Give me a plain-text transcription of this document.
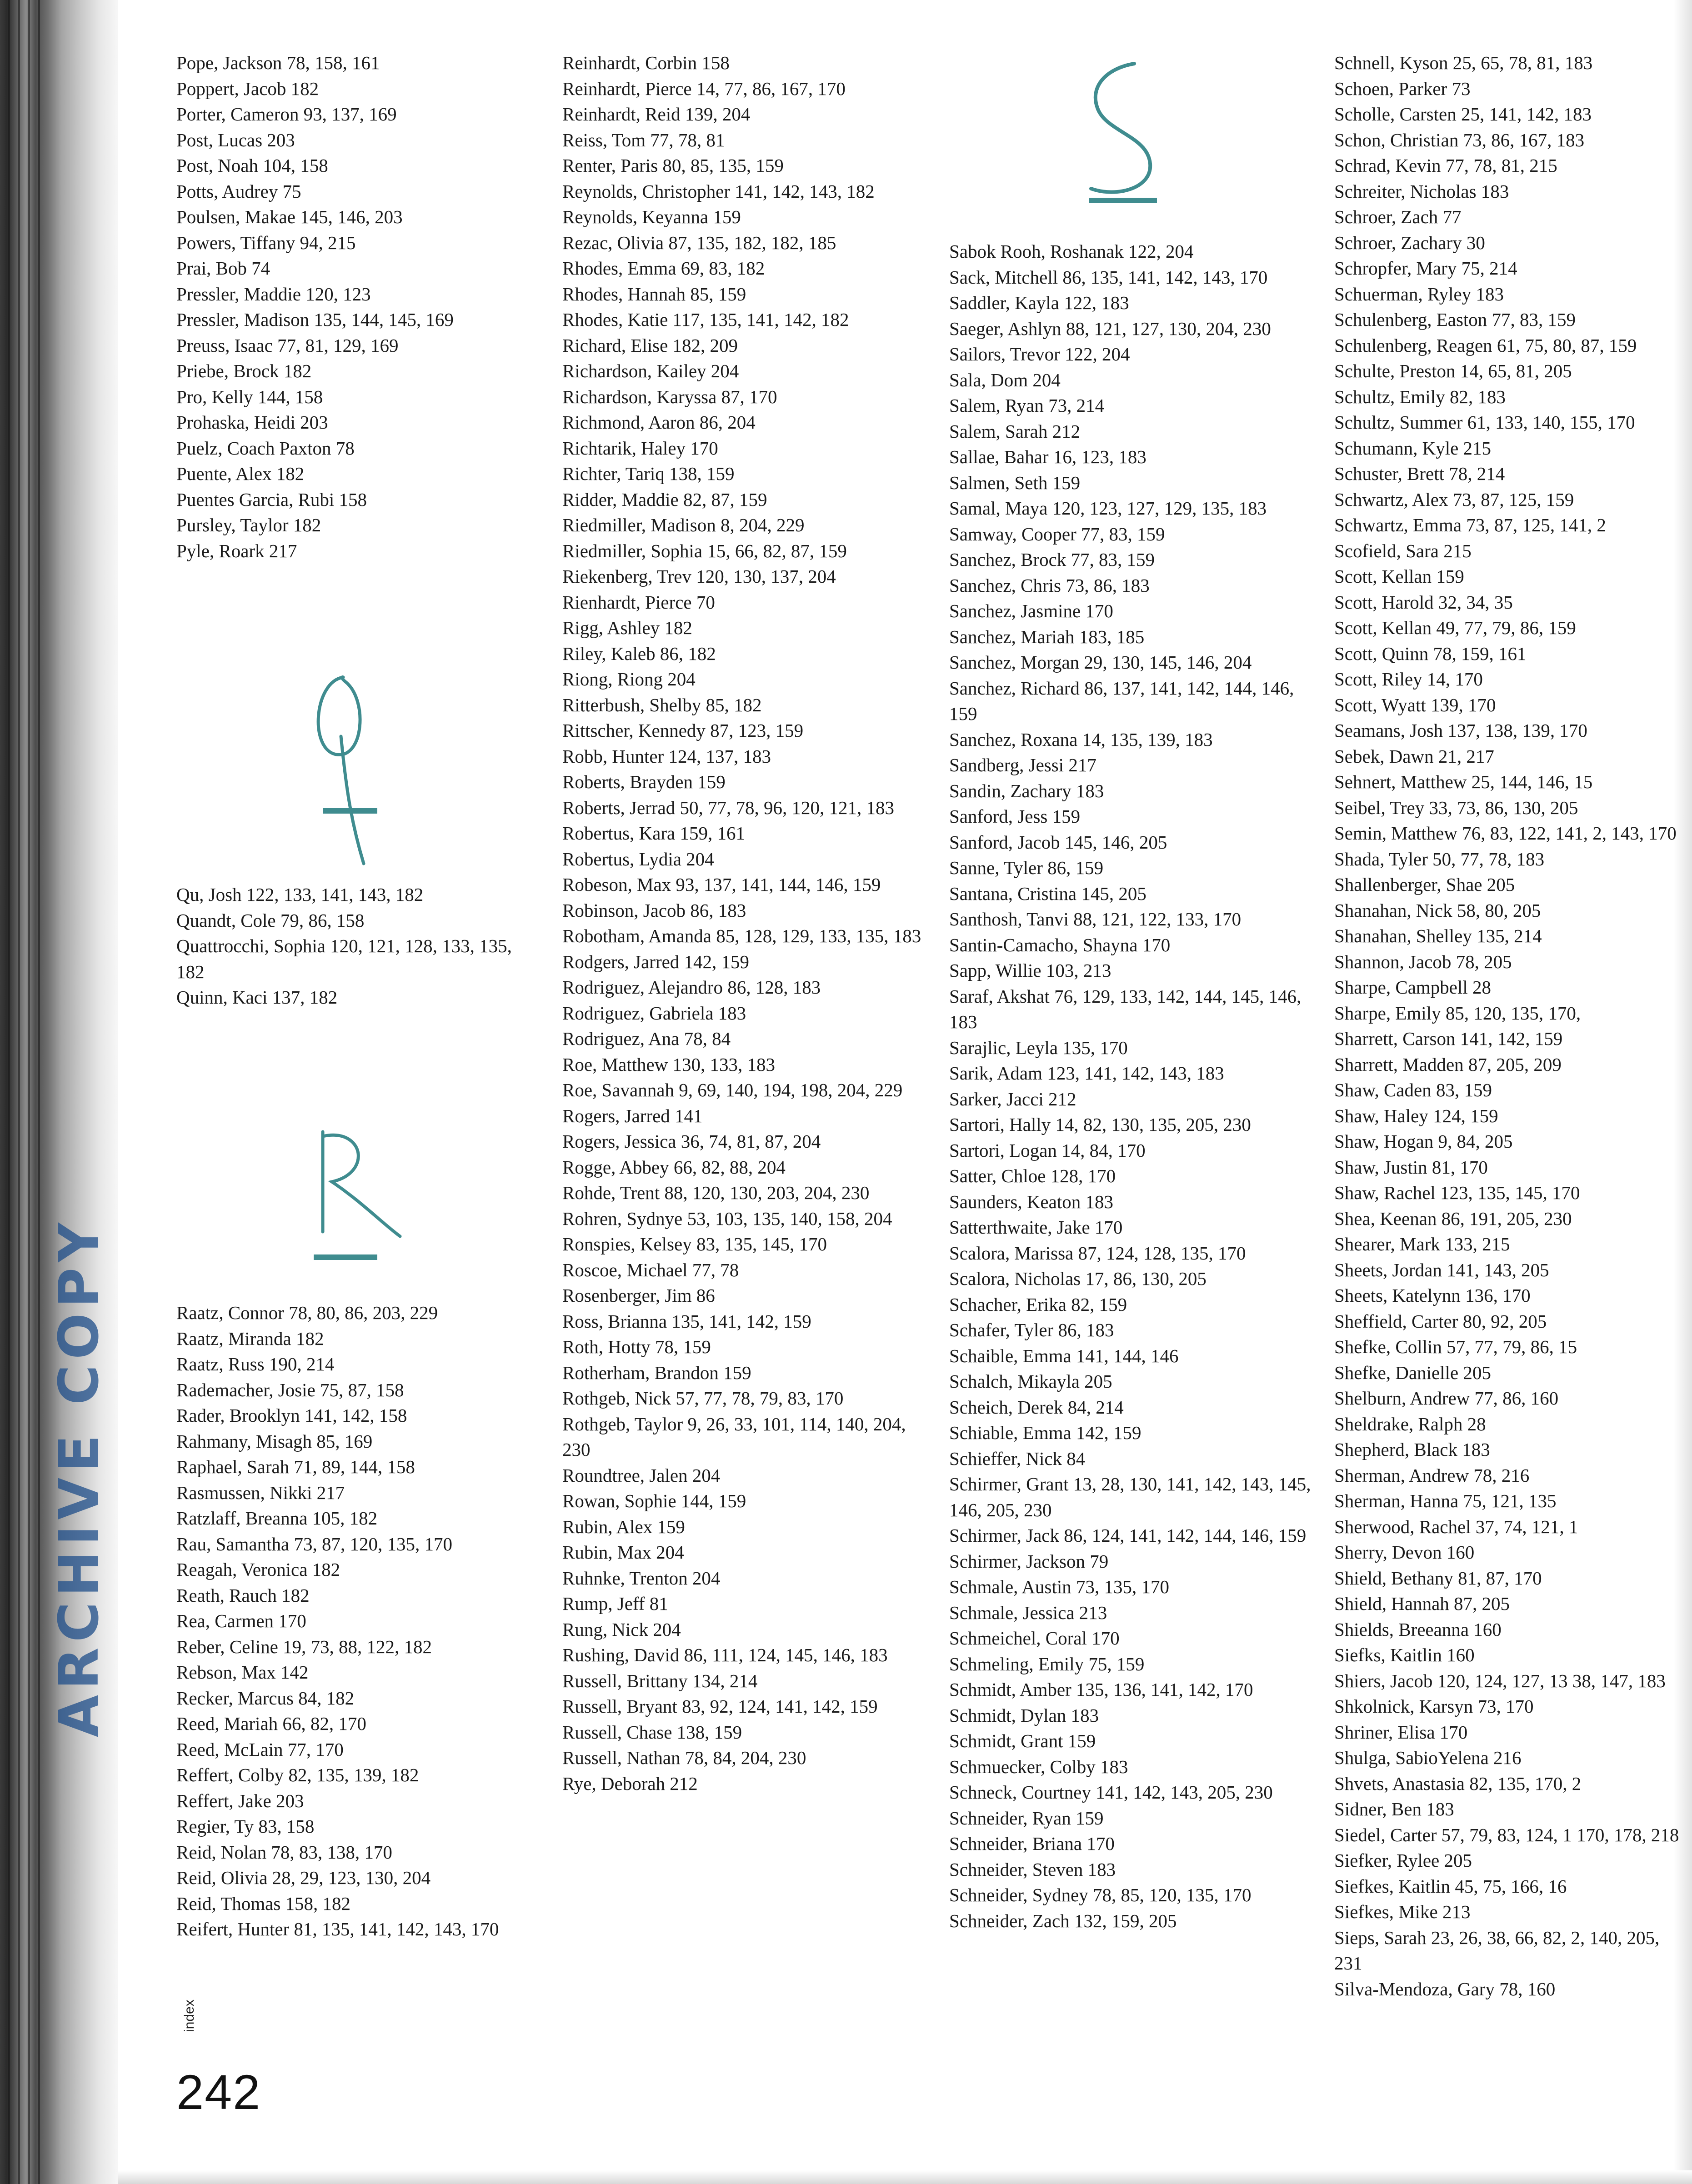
ARCHIVE COPY
Pope, Jackson 78, 158, 161
Poppert, Jacob 182
Porter, Cameron 93, 137, 169
Post, Lucas 203
Post, Noah 104, 158
Potts, Audrey 75
Poulsen, Makae 145, 146, 203
Powers, Tiffany 94, 215
Prai, Bob 74
Pressler, Maddie 120, 123
Pressler, Madison 135, 144, 145, 169
Preuss, Isaac 77, 81, 129, 169
Priebe, Brock 182
Pro, Kelly 144, 158
Prohaska, Heidi 203
Puelz, Coach Paxton 78
Puente, Alex 182
Puentes Garcia, Rubi 158
Pursley, Taylor 182
Pyle, Roark 217
Qu, Josh 122, 133, 141, 143, 182
Quandt, Cole 79, 86, 158
Quattrocchi, Sophia 120, 121, 128, 133, 135, 182
Quinn, Kaci 137, 182
Raatz, Connor 78, 80, 86, 203, 229
Raatz, Miranda 182
Raatz, Russ 190, 214
Rademacher, Josie 75, 87, 158
Rader, Brooklyn 141, 142, 158
Rahmany, Misagh 85, 169
Raphael, Sarah 71, 89, 144, 158
Rasmussen, Nikki 217
Ratzlaff, Breanna 105, 182
Rau, Samantha 73, 87, 120, 135, 170
Reagah, Veronica 182
Reath, Rauch 182
Rea, Carmen 170
Reber, Celine 19, 73, 88, 122, 182
Rebson, Max 142
Recker, Marcus 84, 182
Reed, Mariah 66, 82, 170
Reed, McLain 77, 170
Reffert, Colby 82, 135, 139, 182
Reffert, Jake 203
Regier, Ty 83, 158
Reid, Nolan 78, 83, 138, 170
Reid, Olivia 28, 29, 123, 130, 204
Reid, Thomas 158, 182
Reifert, Hunter 81, 135, 141, 142, 143, 170
Reinhardt, Corbin 158
Reinhardt, Pierce 14, 77, 86, 167, 170
Reinhardt, Reid 139, 204
Reiss, Tom 77, 78, 81
Renter, Paris 80, 85, 135, 159
Reynolds, Christopher 141, 142, 143, 182
Reynolds, Keyanna 159
Rezac, Olivia 87, 135, 182, 182, 185
Rhodes, Emma 69, 83, 182
Rhodes, Hannah 85, 159
Rhodes, Katie 117, 135, 141, 142, 182
Richard, Elise 182, 209
Richardson, Kailey 204
Richardson, Karyssa 87, 170
Richmond, Aaron 86, 204
Richtarik, Haley 170
Richter, Tariq 138, 159
Ridder, Maddie 82, 87, 159
Riedmiller, Madison 8, 204, 229
Riedmiller, Sophia 15, 66, 82, 87, 159
Riekenberg, Trev 120, 130, 137, 204
Rienhardt, Pierce 70
Rigg, Ashley 182
Riley, Kaleb 86, 182
Riong, Riong 204
Ritterbush, Shelby 85, 182
Rittscher, Kennedy 87, 123, 159
Robb, Hunter 124, 137, 183
Roberts, Brayden 159
Roberts, Jerrad 50, 77, 78, 96, 120, 121, 183
Robertus, Kara 159, 161
Robertus, Lydia 204
Robeson, Max 93, 137, 141, 144, 146, 159
Robinson, Jacob 86, 183
Robotham, Amanda 85, 128, 129, 133, 135, 183
Rodgers, Jarred 142, 159
Rodriguez, Alejandro 86, 128, 183
Rodriguez, Gabriela 183
Rodriguez, Ana 78, 84
Roe, Matthew 130, 133, 183
Roe, Savannah 9, 69, 140, 194, 198, 204, 229
Rogers, Jarred 141
Rogers, Jessica 36, 74, 81, 87, 204
Rogge, Abbey 66, 82, 88, 204
Rohde, Trent 88, 120, 130, 203, 204, 230
Rohren, Sydnye 53, 103, 135, 140, 158, 204
Ronspies, Kelsey 83, 135, 145, 170
Roscoe, Michael 77, 78
Rosenberger, Jim 86
Ross, Brianna 135, 141, 142, 159
Roth, Hotty 78, 159
Rotherham, Brandon 159
Rothgeb, Nick 57, 77, 78, 79, 83, 170
Rothgeb, Taylor 9, 26, 33, 101, 114, 140, 204, 230
Roundtree, Jalen 204
Rowan, Sophie 144, 159
Rubin, Alex 159
Rubin, Max 204
Ruhnke, Trenton 204
Rump, Jeff 81
Rung, Nick 204
Rushing, David 86, 111, 124, 145, 146, 183
Russell, Brittany 134, 214
Russell, Bryant 83, 92, 124, 141, 142, 159
Russell, Chase 138, 159
Russell, Nathan 78, 84, 204, 230
Rye, Deborah 212
Sabok Rooh, Roshanak 122, 204
Sack, Mitchell 86, 135, 141, 142, 143, 170
Saddler, Kayla 122, 183
Saeger, Ashlyn 88, 121, 127, 130, 204, 230
Sailors, Trevor 122, 204
Sala, Dom 204
Salem, Ryan 73, 214
Salem, Sarah 212
Sallae, Bahar 16, 123, 183
Salmen, Seth 159
Samal, Maya 120, 123, 127, 129, 135, 183
Samway, Cooper 77, 83, 159
Sanchez, Brock 77, 83, 159
Sanchez, Chris 73, 86, 183
Sanchez, Jasmine 170
Sanchez, Mariah 183, 185
Sanchez, Morgan 29, 130, 145, 146, 204
Sanchez, Richard 86, 137, 141, 142, 144, 146, 159
Sanchez, Roxana 14, 135, 139, 183
Sandberg, Jessi 217
Sandin, Zachary 183
Sanford, Jess 159
Sanford, Jacob 145, 146, 205
Sanne, Tyler 86, 159
Santana, Cristina 145, 205
Santhosh, Tanvi 88, 121, 122, 133, 170
Santin-Camacho, Shayna 170
Sapp, Willie 103, 213
Saraf, Akshat 76, 129, 133, 142, 144, 145, 146, 183
Sarajlic, Leyla 135, 170
Sarik, Adam 123, 141, 142, 143, 183
Sarker, Jacci 212
Sartori, Hally 14, 82, 130, 135, 205, 230
Sartori, Logan 14, 84, 170
Satter, Chloe 128, 170
Saunders, Keaton 183
Satterthwaite, Jake 170
Scalora, Marissa 87, 124, 128, 135, 170
Scalora, Nicholas 17, 86, 130, 205
Schacher, Erika 82, 159
Schafer, Tyler 86, 183
Schaible, Emma 141, 144, 146
Schalch, Mikayla 205
Scheich, Derek 84, 214
Schiable, Emma 142, 159
Schieffer, Nick 84
Schirmer, Grant 13, 28, 130, 141, 142, 143, 145, 146, 205, 230
Schirmer, Jack 86, 124, 141, 142, 144, 146, 159
Schirmer, Jackson 79
Schmale, Austin 73, 135, 170
Schmale, Jessica 213
Schmeichel, Coral 170
Schmeling, Emily 75, 159
Schmidt, Amber 135, 136, 141, 142, 170
Schmidt, Dylan 183
Schmidt, Grant 159
Schmuecker, Colby 183
Schneck, Courtney 141, 142, 143, 205, 230
Schneider, Ryan 159
Schneider, Briana 170
Schneider, Steven 183
Schneider, Sydney 78, 85, 120, 135, 170
Schneider, Zach 132, 159, 205
Schnell, Kyson 25, 65, 78, 81, 183
Schoen, Parker 73
Scholle, Carsten 25, 141, 142, 183
Schon, Christian 73, 86, 167, 183
Schrad, Kevin 77, 78, 81, 215
Schreiter, Nicholas 183
Schroer, Zach 77
Schroer, Zachary 30
Schropfer, Mary 75, 214
Schuerman, Ryley 183
Schulenberg, Easton 77, 83, 159
Schulenberg, Reagen 61, 75, 80, 87, 159
Schulte, Preston 14, 65, 81, 205
Schultz, Emily 82, 183
Schultz, Summer 61, 133, 140, 155, 170
Schumann, Kyle 215
Schuster, Brett 78, 214
Schwartz, Alex 73, 87, 125, 159
Schwartz, Emma 73, 87, 125, 141, 2
Scofield, Sara 215
Scott, Kellan 159
Scott, Harold 32, 34, 35
Scott, Kellan 49, 77, 79, 86, 159
Scott, Quinn 78, 159, 161
Scott, Riley 14, 170
Scott, Wyatt 139, 170
Seamans, Josh 137, 138, 139, 170
Sebek, Dawn 21, 217
Sehnert, Matthew 25, 144, 146, 15
Seibel, Trey 33, 73, 86, 130, 205
Semin, Matthew 76, 83, 122, 141, 2, 143, 170
Shada, Tyler 50, 77, 78, 183
Shallenberger, Shae 205
Shanahan, Nick 58, 80, 205
Shanahan, Shelley 135, 214
Shannon, Jacob 78, 205
Sharpe, Campbell 28
Sharpe, Emily 85, 120, 135, 170,
Sharrett, Carson 141, 142, 159
Sharrett, Madden 87, 205, 209
Shaw, Caden 83, 159
Shaw, Haley 124, 159
Shaw, Hogan 9, 84, 205
Shaw, Justin 81, 170
Shaw, Rachel 123, 135, 145, 170
Shea, Keenan 86, 191, 205, 230
Shearer, Mark 133, 215
Sheets, Jordan 141, 143, 205
Sheets, Katelynn 136, 170
Sheffield, Carter 80, 92, 205
Shefke, Collin 57, 77, 79, 86, 15
Shefke, Danielle 205
Shelburn, Andrew 77, 86, 160
Sheldrake, Ralph 28
Shepherd, Black 183
Sherman, Andrew 78, 216
Sherman, Hanna 75, 121, 135
Sherwood, Rachel 37, 74, 121, 1
Sherry, Devon 160
Shield, Bethany 81, 87, 170
Shield, Hannah 87, 205
Shields, Breeanna 160
Siefks, Kaitlin 160
Shiers, Jacob 120, 124, 127, 13 38, 147, 183
Shkolnick, Karsyn 73, 170
Shriner, Elisa 170
Shulga, SabioYelena 216
Shvets, Anastasia 82, 135, 170, 2
Sidner, Ben 183
Siedel, Carter 57, 79, 83, 124, 1 170, 178, 218
Siefker, Rylee 205
Siefkes, Kaitlin 45, 75, 166, 16
Siefkes, Mike 213
Sieps, Sarah 23, 26, 38, 66, 82, 2, 140, 205, 231
Silva-Mendoza, Gary 78, 160
index
242
